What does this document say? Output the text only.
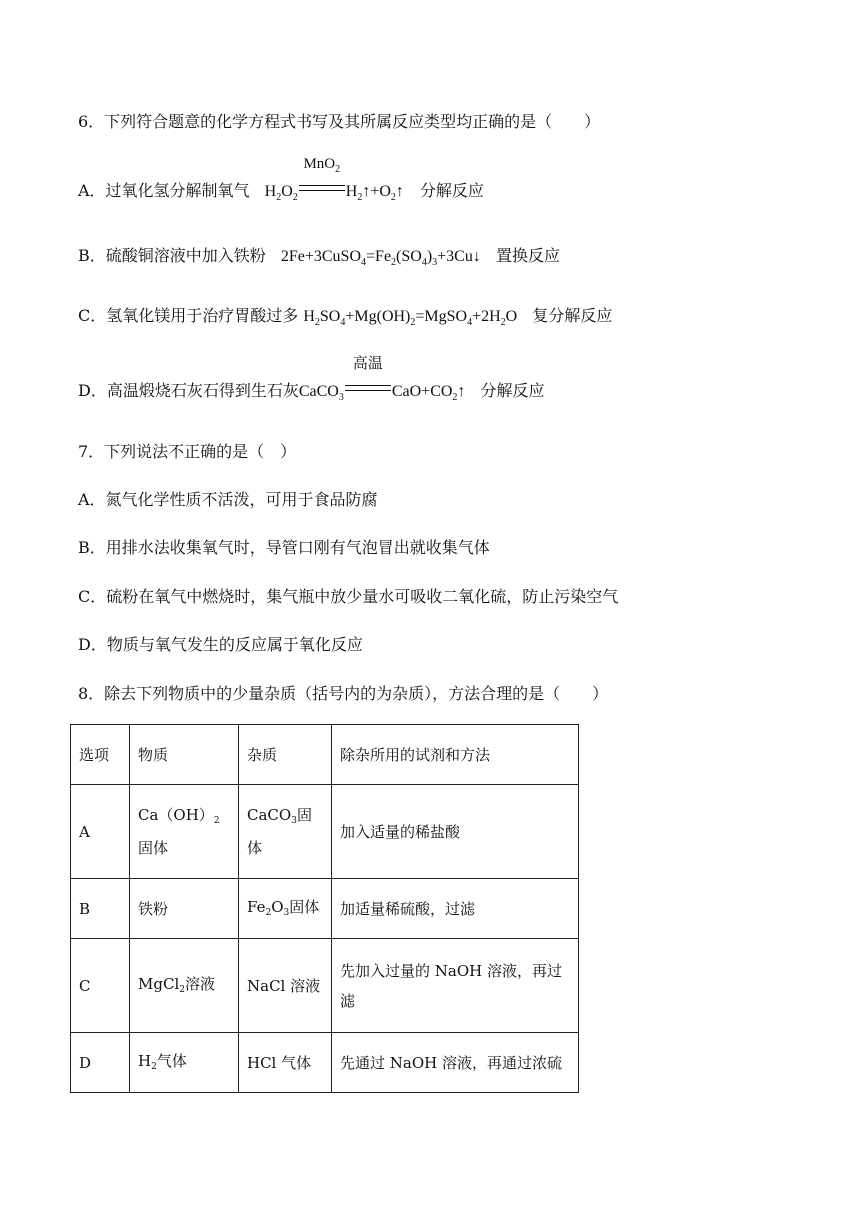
6．下列符合题意的化学方程式书写及其所属反应类型均正确的是（　　）
A．过氧化氢分解制氧气 $H_2O_2$
MnO$_2$
$H_2↑+O_2↑$ 分解反应
B．硫酸铜溶液中加入铁粉 $2Fe+3CuSO_4=Fe_2(SO_4)_3+3Cu↓$ 置换反应
C．氢氧化镁用于治疗胃酸过多 $H_2SO_4+Mg(OH)_2=MgSO_4+2H_2O$ 复分解反应
D．高温煅烧石灰石得到生石灰CaCO$_3$
高温
$CaO+CO_2↑$ 分解反应
7．下列说法不正确的是（　）
A．氮气化学性质不活泼，可用于食品防腐
B．用排水法收集氧气时，导管口刚有气泡冒出就收集气体
C．硫粉在氧气中燃烧时，集气瓶中放少量水可吸收二氧化硫，防止污染空气
D．物质与氧气发生的反应属于氧化反应
8．除去下列物质中的少量杂质（括号内的为杂质），方法合理的是（　　）
选项	物质	杂质	除杂所用的试剂和方法
A	$Ca(OH)_2$固体	CaCO$_3$固体	加入适量的稀盐酸
B	铁粉	$Fe_2O_3$固体	加适量稀硫酸，过滤
C	MgCl$_2$溶液	NaCl 溶液	先加入过量的 NaOH 溶液，再过
滤
D	$H_2$气体	HCl 气体	先通过 NaOH 溶液，再通过浓硫
